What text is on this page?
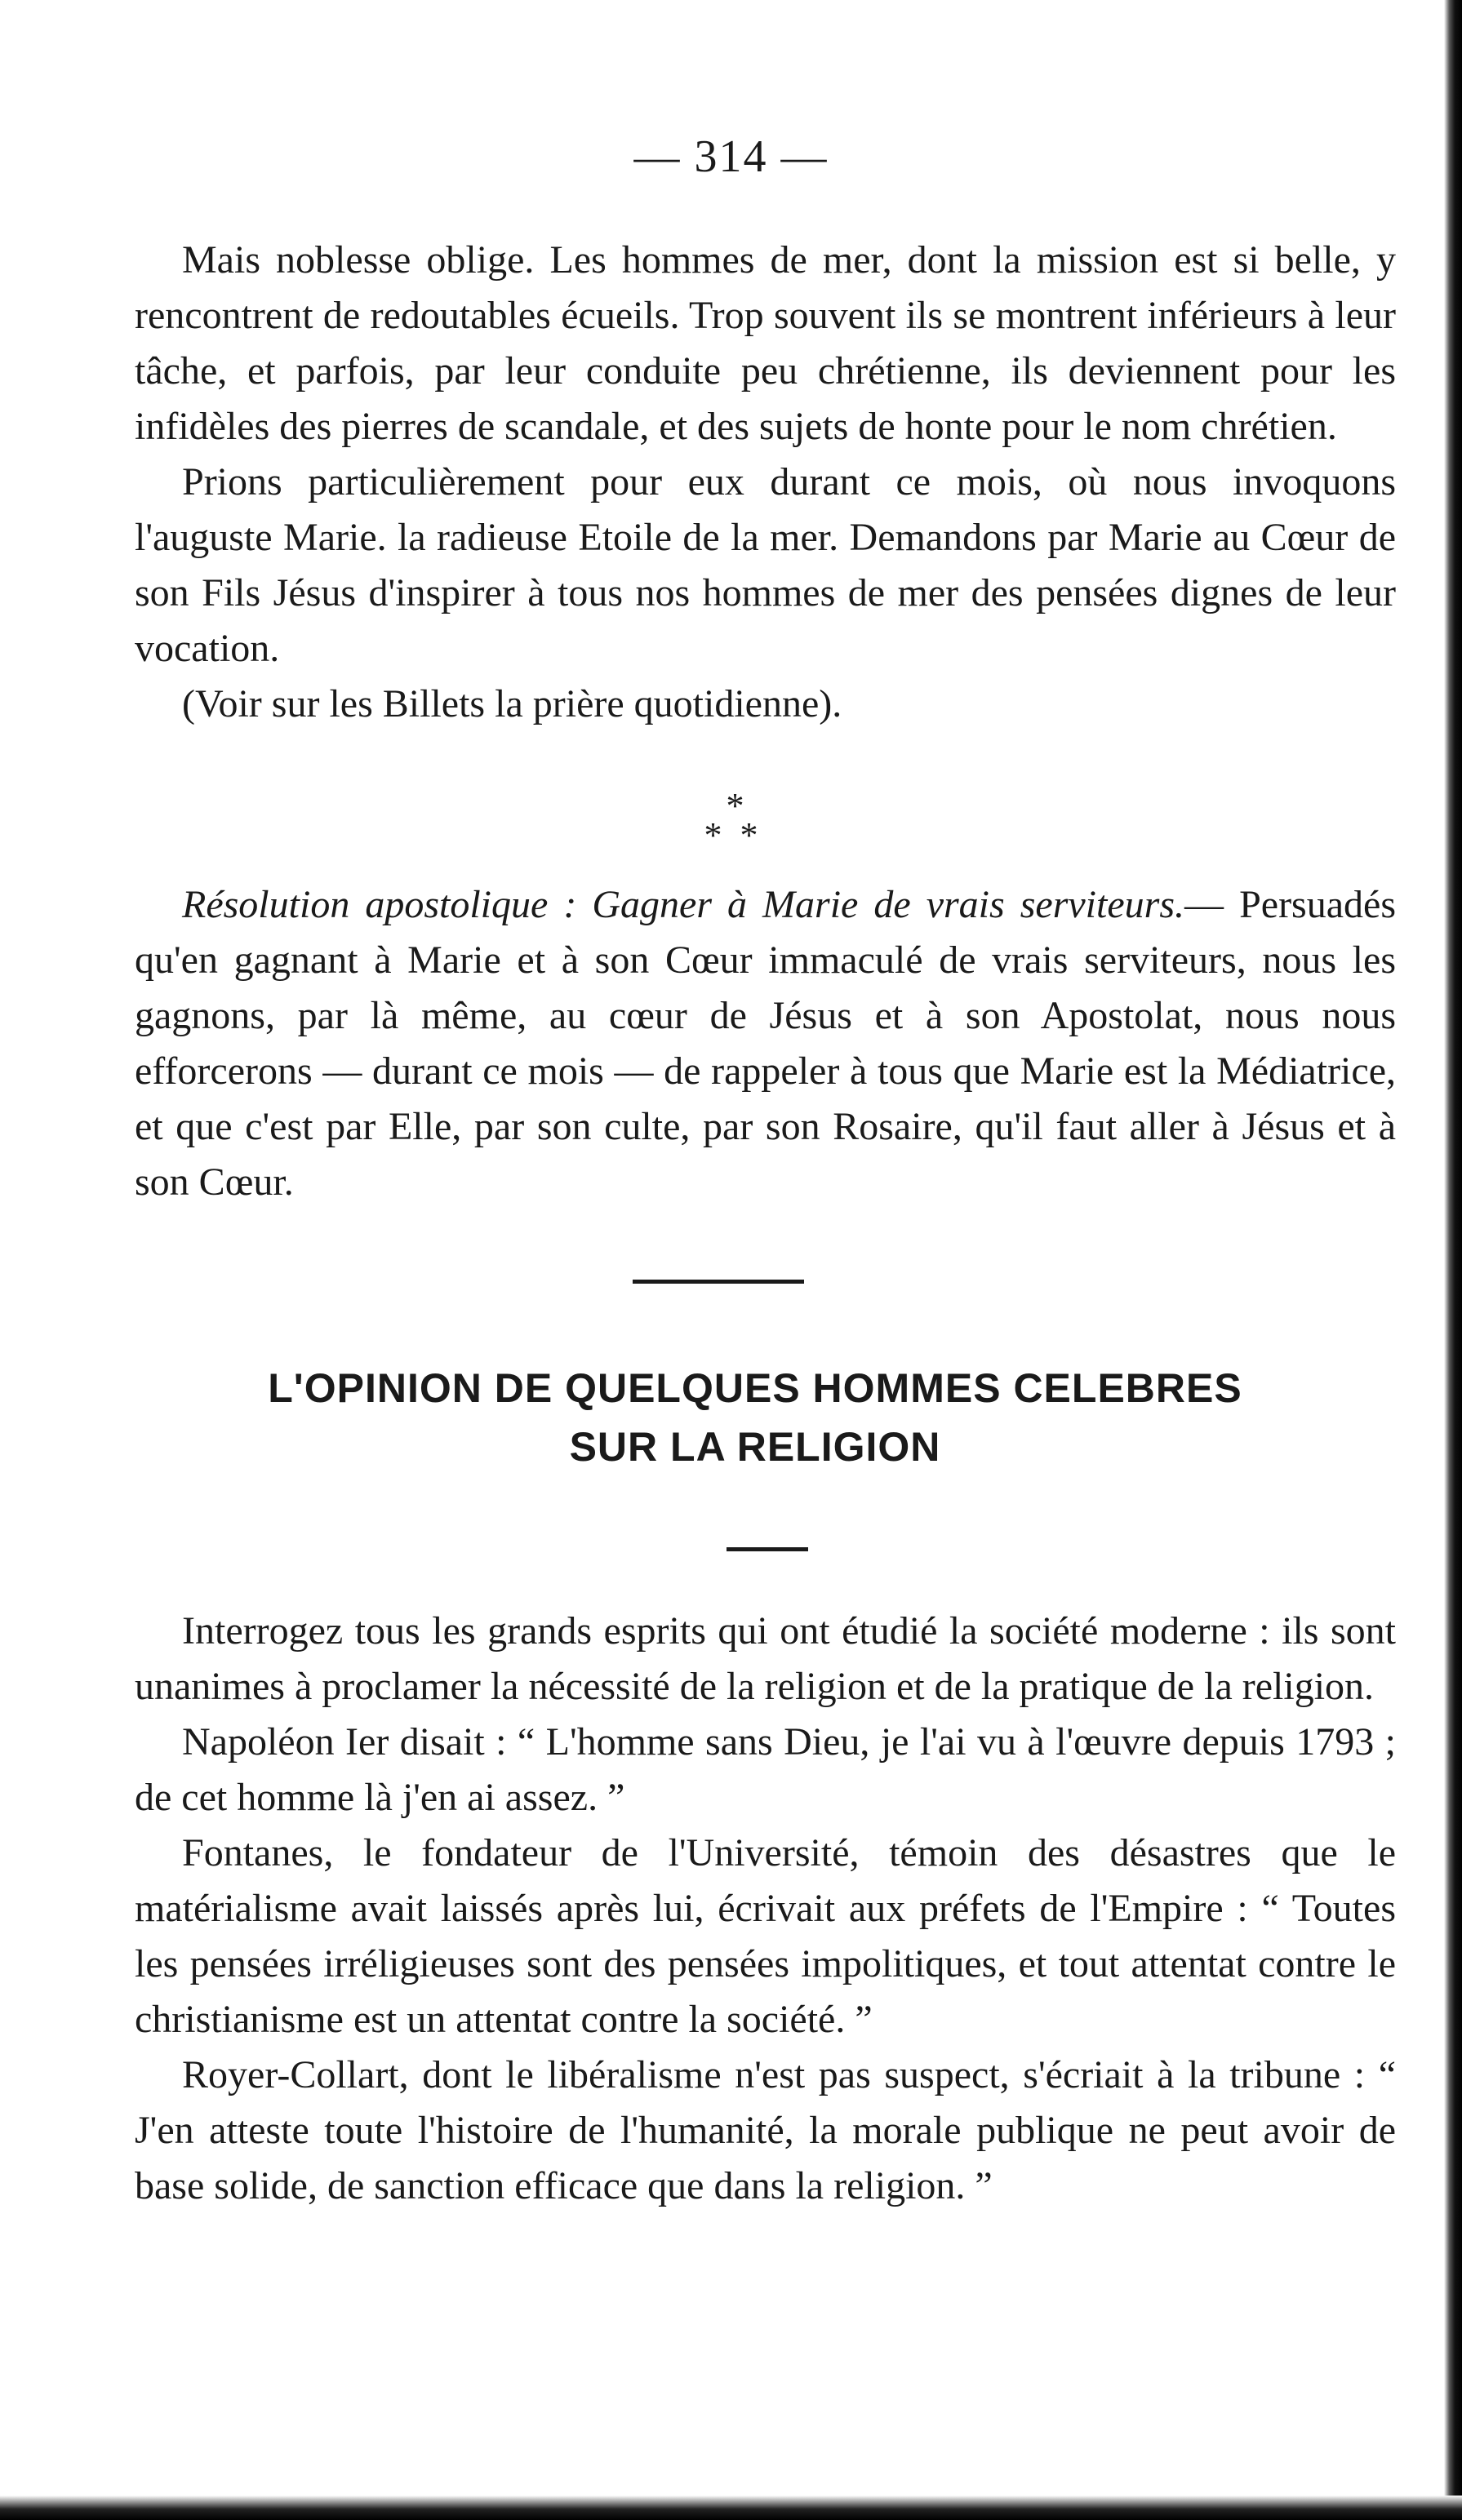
— 314 —

Mais noblesse oblige. Les hommes de mer, dont la mission est si belle, y rencontrent de redoutables écueils. Trop souvent ils se montrent inférieurs à leur tâche, et parfois, par leur conduite peu chrétienne, ils deviennent pour les infidèles des pierres de scandale, et des sujets de honte pour le nom chrétien.

Prions particulièrement pour eux durant ce mois, où nous invoquons l'auguste Marie. la radieuse Etoile de la mer. Demandons par Marie au Cœur de son Fils Jésus d'inspirer à tous nos hommes de mer des pensées dignes de leur vocation.

(Voir sur les Billets la prière quotidienne).

*
**

Résolution apostolique : Gagner à Marie de vrais serviteurs.— Persuadés qu'en gagnant à Marie et à son Cœur immaculé de vrais serviteurs, nous les gagnons, par là même, au cœur de Jésus et à son Apostolat, nous nous efforcerons — durant ce mois — de rappeler à tous que Marie est la Médiatrice, et que c'est par Elle, par son culte, par son Rosaire, qu'il faut aller à Jésus et à son Cœur.

L'OPINION DE QUELQUES HOMMES CELEBRES
SUR LA RELIGION

Interrogez tous les grands esprits qui ont étudié la société moderne : ils sont unanimes à proclamer la nécessité de la religion et de la pratique de la religion.

Napoléon Ier disait : “ L'homme sans Dieu, je l'ai vu à l'œuvre depuis 1793 ; de cet homme là j'en ai assez. ”

Fontanes, le fondateur de l'Université, témoin des désastres que le matérialisme avait laissés après lui, écrivait aux préfets de l'Empire : “ Toutes les pensées irréligieuses sont des pensées impolitiques, et tout attentat contre le christianisme est un attentat contre la société. ”

Royer-Collart, dont le libéralisme n'est pas suspect, s'écriait à la tribune : “ J'en atteste toute l'histoire de l'humanité, la morale publique ne peut avoir de base solide, de sanction efficace que dans la religion. ”
